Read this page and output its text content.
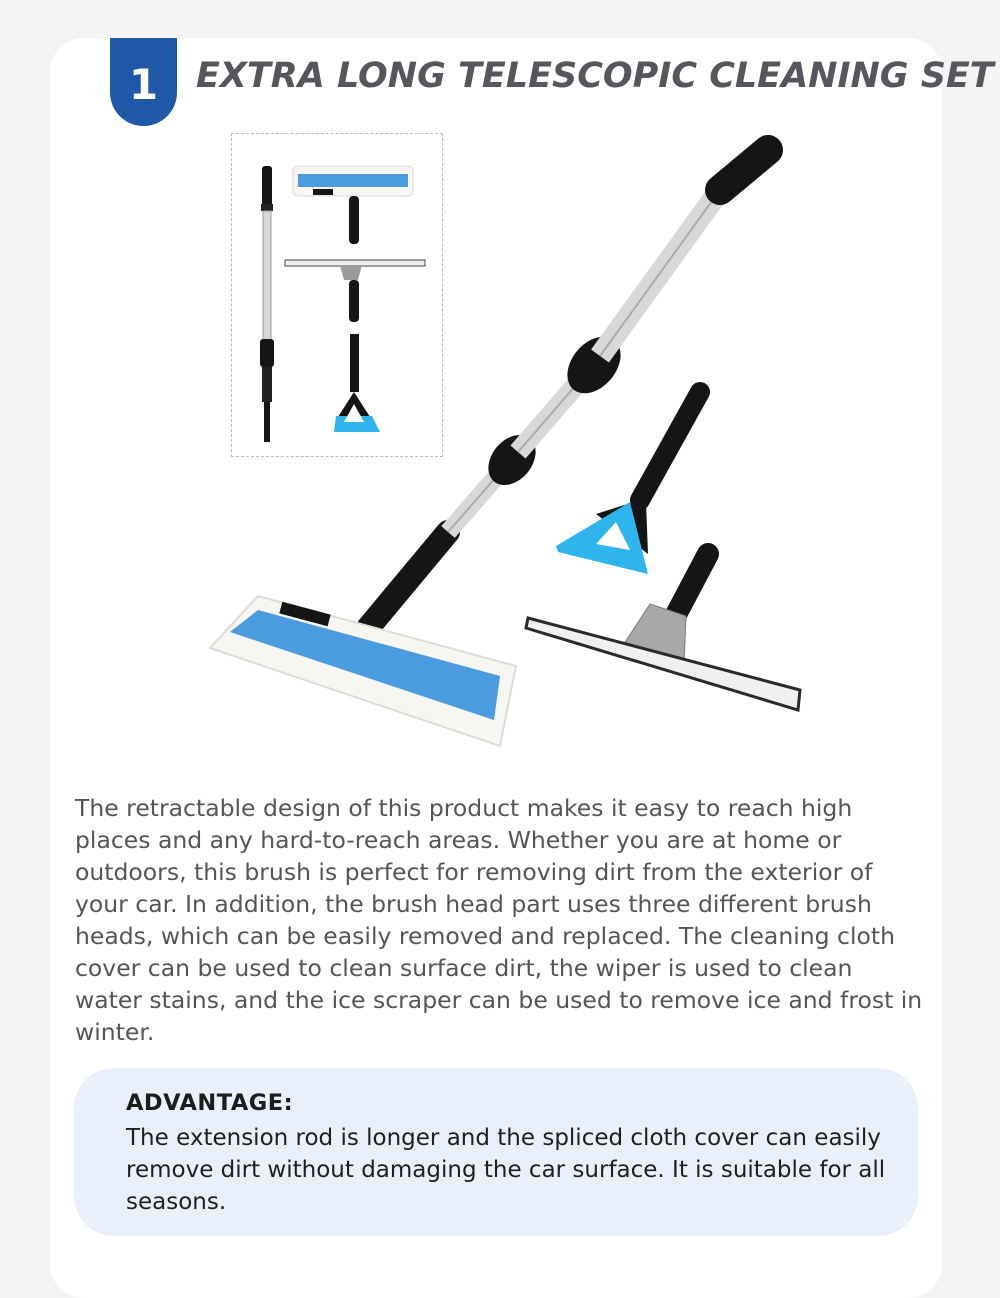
1 EXTRA LONG TELESCOPIC CLEANING SET

The retractable design of this product makes it easy to reach high places and any hard-to-reach areas. Whether you are at home or outdoors, this brush is perfect for removing dirt from the exterior of your car. In addition, the brush head part uses three different brush heads, which can be easily removed and replaced. The cleaning cloth cover can be used to clean surface dirt, the wiper is used to clean water stains, and the ice scraper can be used to remove ice and frost in winter.

ADVANTAGE:

The extension rod is longer and the spliced cloth cover can easily remove dirt without damaging the car surface. It is suitable for all seasons.
